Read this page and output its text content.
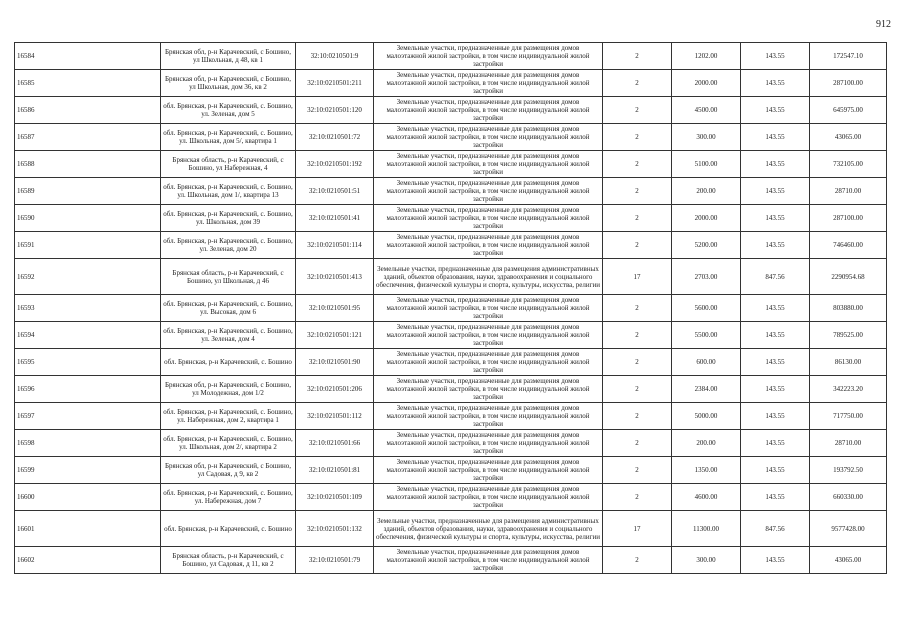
912
16584	Брянская обл, р-н Карачевский, с Бошино, ул Школьная, д 48, кв 1	32:10:0210501:9	Земельные участки, предназначенные для размещения домов малоэтажной жилой застройки, в том числе индивидуальной жилой застройки	2	1202.00	143.55	172547.10
16585	Брянская обл, р-н Карачевский, с Бошино, ул Школьная, дом 36, кв 2	32:10:0210501:211	Земельные участки, предназначенные для размещения домов малоэтажной жилой застройки, в том числе индивидуальной жилой застройки	2	2000.00	143.55	287100.00
16586	обл. Брянская, р-н Карачевский, с. Бошино, ул. Зеленая, дом 5	32:10:0210501:120	Земельные участки, предназначенные для размещения домов малоэтажной жилой застройки, в том числе индивидуальной жилой застройки	2	4500.00	143.55	645975.00
16587	обл. Брянская, р-н Карачевский, с. Бошино, ул. Школьная, дом 5/, квартира 1	32:10:0210501:72	Земельные участки, предназначенные для размещения домов малоэтажной жилой застройки, в том числе индивидуальной жилой застройки	2	300.00	143.55	43065.00
16588	Брянская область, р-н Карачевский, с Бошино, ул Набережная, 4	32:10:0210501:192	Земельные участки, предназначенные для размещения домов малоэтажной жилой застройки, в том числе индивидуальной жилой застройки	2	5100.00	143.55	732105.00
16589	обл. Брянская, р-н Карачевский, с. Бошино, ул. Школьная, дом 1/, квартира 13	32:10:0210501:51	Земельные участки, предназначенные для размещения домов малоэтажной жилой застройки, в том числе индивидуальной жилой застройки	2	200.00	143.55	28710.00
16590	обл. Брянская, р-н Карачевский, с. Бошино, ул. Школьная, дом 39	32:10:0210501:41	Земельные участки, предназначенные для размещения домов малоэтажной жилой застройки, в том числе индивидуальной жилой застройки	2	2000.00	143.55	287100.00
16591	обл. Брянская, р-н Карачевский, с. Бошино, ул. Зеленая, дом 20	32:10:0210501:114	Земельные участки, предназначенные для размещения домов малоэтажной жилой застройки, в том числе индивидуальной жилой застройки	2	5200.00	143.55	746460.00
16592	Брянская область, р-н Карачевский, с Бошино, ул Школьная, д 46	32:10:0210501:413	Земельные участки, предназначенные для размещения административных зданий, объектов образования, науки, здравоохранения и социального обеспечения, физической культуры и спорта, культуры, искусства, религии	17	2703.00	847.56	2290954.68
16593	обл. Брянская, р-н Карачевский, с. Бошино, ул. Высокая, дом 6	32:10:0210501:95	Земельные участки, предназначенные для размещения домов малоэтажной жилой застройки, в том числе индивидуальной жилой застройки	2	5600.00	143.55	803880.00
16594	обл. Брянская, р-н Карачевский, с. Бошино, ул. Зеленая, дом 4	32:10:0210501:121	Земельные участки, предназначенные для размещения домов малоэтажной жилой застройки, в том числе индивидуальной жилой застройки	2	5500.00	143.55	789525.00
16595	обл. Брянская, р-н Карачевский, с. Бошино	32:10:0210501:90	Земельные участки, предназначенные для размещения домов малоэтажной жилой застройки, в том числе индивидуальной жилой застройки	2	600.00	143.55	86130.00
16596	Брянская обл, р-н Карачевский, с Бошино, ул Молодежная, дом 1/2	32:10:0210501:206	Земельные участки, предназначенные для размещения домов малоэтажной жилой застройки, в том числе индивидуальной жилой застройки	2	2384.00	143.55	342223.20
16597	обл. Брянская, р-н Карачевский, с. Бошино, ул. Набережная, дом 2, квартира 1	32:10:0210501:112	Земельные участки, предназначенные для размещения домов малоэтажной жилой застройки, в том числе индивидуальной жилой застройки	2	5000.00	143.55	717750.00
16598	обл. Брянская, р-н Карачевский, с. Бошино, ул. Школьная, дом 2/, квартира 2	32:10:0210501:66	Земельные участки, предназначенные для размещения домов малоэтажной жилой застройки, в том числе индивидуальной жилой застройки	2	200.00	143.55	28710.00
16599	Брянская обл, р-н Карачевский, с Бошино, ул Садовая, д 9, кв 2	32:10:0210501:81	Земельные участки, предназначенные для размещения домов малоэтажной жилой застройки, в том числе индивидуальной жилой застройки	2	1350.00	143.55	193792.50
16600	обл. Брянская, р-н Карачевский, с. Бошино, ул. Набережная, дом 7	32:10:0210501:109	Земельные участки, предназначенные для размещения домов малоэтажной жилой застройки, в том числе индивидуальной жилой застройки	2	4600.00	143.55	660330.00
16601	обл. Брянская, р-н Карачевский, с. Бошино	32:10:0210501:132	Земельные участки, предназначенные для размещения административных зданий, объектов образования, науки, здравоохранения и социального обеспечения, физической культуры и спорта, культуры, искусства, религии	17	11300.00	847.56	9577428.00
16602	Брянская область, р-н Карачевский, с Бошино, ул Садовая, д 11, кв 2	32:10:0210501:79	Земельные участки, предназначенные для размещения домов малоэтажной жилой застройки, в том числе индивидуальной жилой застройки	2	300.00	143.55	43065.00
